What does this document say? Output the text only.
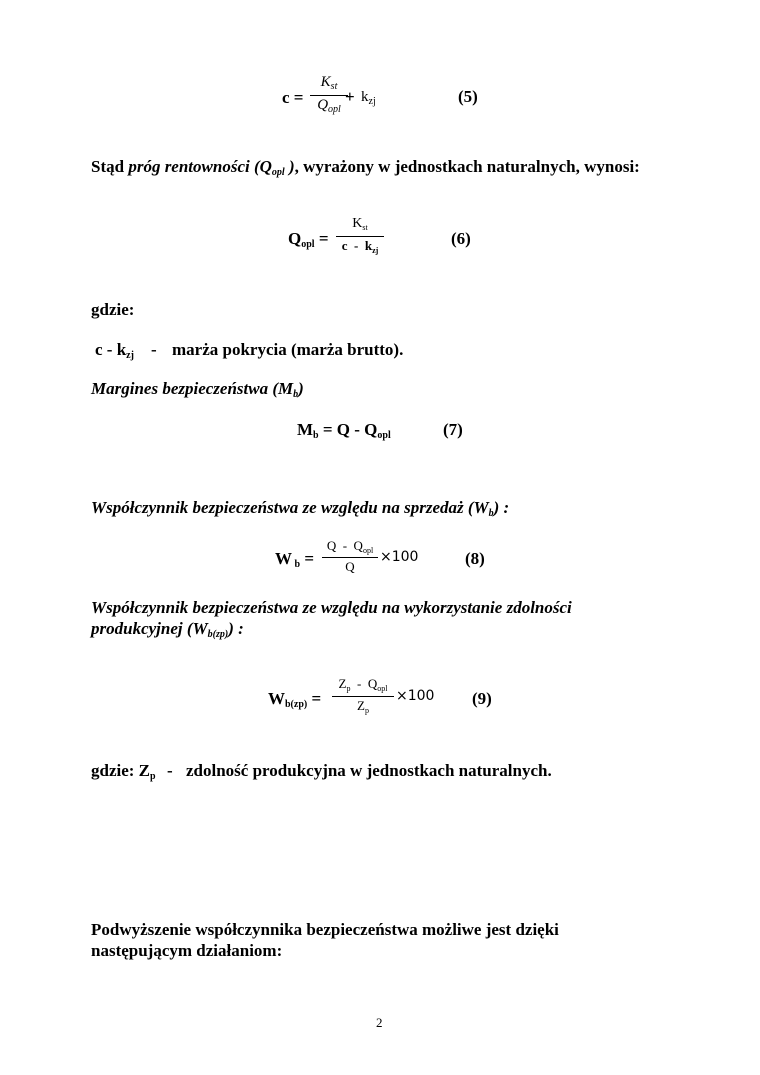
c =
$K_{st}$
$Q_{opl}$
+ $k_{zj}$	(5)
Stąd próg rentowności ($Q_{opl}$ ), wyrażony w jednostkach naturalnych, wynosi:
$Q_{opl}$ =
$K_{st}$
c  -  $k_{zj}$
(6)
gdzie:
c - $k_{zj}$ - marża pokrycia (marża brutto).
Margines bezpieczeństwa $(M_b)$
$M_b = Q - Q_{opl}$	(7)
Współczynnik bezpieczeństwa ze względu na sprzedaż $(W_b)$ :
W $_b$ =
Q  -  $Q_{opl}$
Q
×100	(8)
Współczynnik bezpieczeństwa ze względu na wykorzystanie zdolności
produkcyjnej $(W_{b(zp)})$ :
$W_{b(zp)}$ =
$Z_p - Q_{opl}$
$Z_p$
×100 (9)
gdzie: $Z_p$ - zdolność produkcyjna w jednostkach naturalnych.
Podwyższenie współczynnika bezpieczeństwa możliwe jest dzięki
następującym działaniom:
2
